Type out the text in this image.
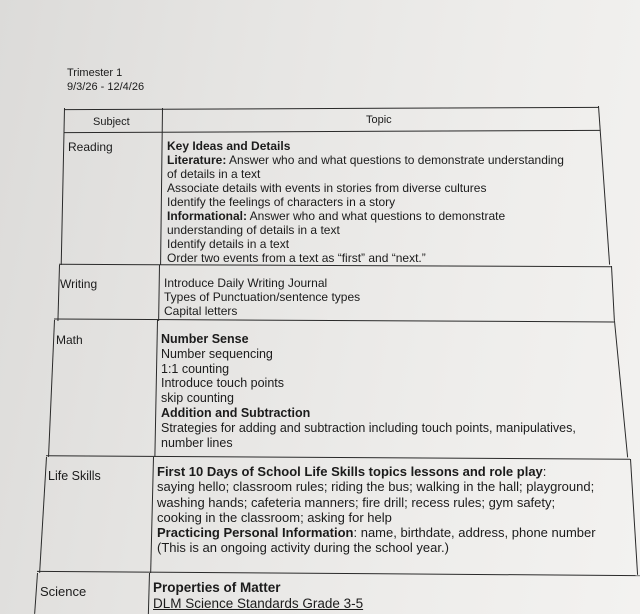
Trimester 1
9/3/26 - 12/4/26
Subject	Topic
Reading	Key Ideas and Details
Literature: Answer who and what questions to demonstrate understanding
of details in a text
Associate details with events in stories from diverse cultures
Identify the feelings of characters in a story
Informational: Answer who and what questions to demonstrate
understanding of details in a text
Identify details in a text
Order two events from a text as “first” and “next.”
Writing	Introduce Daily Writing Journal
Types of Punctuation/sentence types
Capital letters
Math	Number Sense
Number sequencing
1:1 counting
Introduce touch points
skip counting
Addition and Subtraction
Strategies for adding and subtraction including touch points, manipulatives,
number lines
Life Skills	First 10 Days of School Life Skills topics lessons and role play:
saying hello; classroom rules; riding the bus; walking in the hall; playground;
washing hands; cafeteria manners; fire drill; recess rules; gym safety;
cooking in the classroom; asking for help
Practicing Personal Information: name, birthdate, address, phone number
(This is an ongoing activity during the school year.)
Science	Properties of Matter
DLM Science Standards Grade 3-5
